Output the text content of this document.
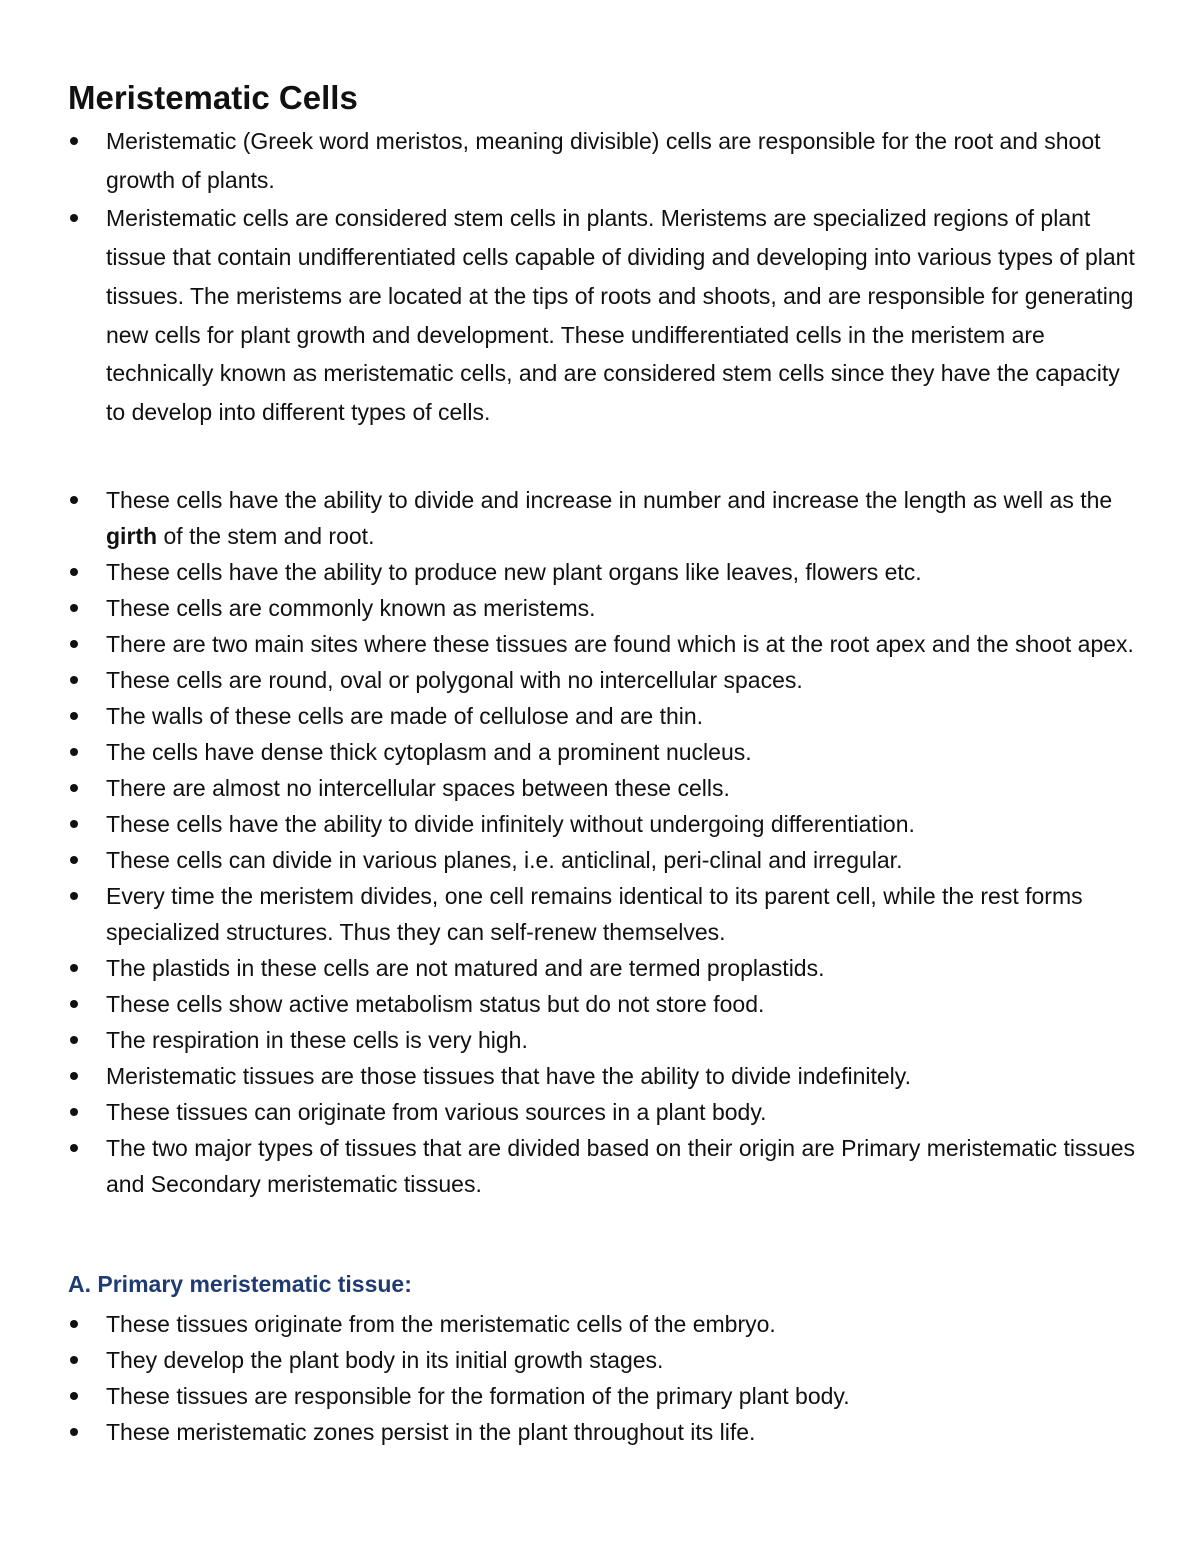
Meristematic Cells
Meristematic (Greek word meristos, meaning divisible) cells are responsible for the root and shoot growth of plants.
Meristematic cells are considered stem cells in plants. Meristems are specialized regions of plant tissue that contain undifferentiated cells capable of dividing and developing into various types of plant tissues. The meristems are located at the tips of roots and shoots, and are responsible for generating new cells for plant growth and development. These undifferentiated cells in the meristem are technically known as meristematic cells, and are considered stem cells since they have the capacity to develop into different types of cells.
These cells have the ability to divide and increase in number and increase the length as well as the girth of the stem and root.
These cells have the ability to produce new plant organs like leaves, flowers etc.
These cells are commonly known as meristems.
There are two main sites where these tissues are found which is at the root apex and the shoot apex.
These cells are round, oval or polygonal with no intercellular spaces.
The walls of these cells are made of cellulose and are thin.
The cells have dense thick cytoplasm and a prominent nucleus.
There are almost no intercellular spaces between these cells.
These cells have the ability to divide infinitely without undergoing differentiation.
These cells can divide in various planes, i.e. anticlinal, peri-clinal and irregular.
Every time the meristem divides, one cell remains identical to its parent cell, while the rest forms specialized structures. Thus they can self-renew themselves.
The plastids in these cells are not matured and are termed proplastids.
These cells show active metabolism status but do not store food.
The respiration in these cells is very high.
Meristematic tissues are those tissues that have the ability to divide indefinitely.
These tissues can originate from various sources in a plant body.
The two major types of tissues that are divided based on their origin are Primary meristematic tissues and Secondary meristematic tissues.
A. Primary meristematic tissue:
These tissues originate from the meristematic cells of the embryo.
They develop the plant body in its initial growth stages.
These tissues are responsible for the formation of the primary plant body.
These meristematic zones persist in the plant throughout its life.
